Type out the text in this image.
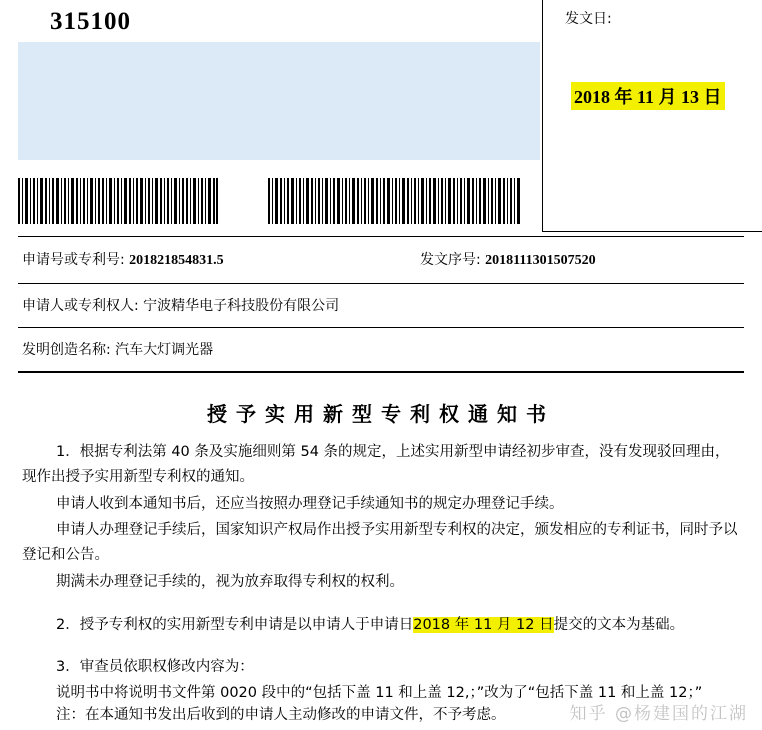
315100	发文日:
2018 年 11 月 13 日
申请号或专利号: 201821854831.5	发文序号: 2018111301507520
申请人或专利权人: 宁波精华电子科技股份有限公司
发明创造名称: 汽车大灯调光器
授予实用新型专利权通知书
1．根据专利法第 40 条及实施细则第 54 条的规定，上述实用新型申请经初步审查，没有发现驳回理由，现作出授予实用新型专利权的通知。
申请人收到本通知书后，还应当按照办理登记手续通知书的规定办理登记手续。
申请人办理登记手续后，国家知识产权局作出授予实用新型专利权的决定，颁发相应的专利证书，同时予以登记和公告。
期满未办理登记手续的，视为放弃取得专利权的权利。
2．授予专利权的实用新型专利申请是以申请人于申请日2018 年 11 月 12 日提交的文本为基础。
3．审查员依职权修改内容为：
说明书中将说明书文件第 0020 段中的“包括下盖 11 和上盖 12,；”改为了“包括下盖 11 和上盖 12；”
注：在本通知书发出后收到的申请人主动修改的申请文件，不予考虑。	知乎 @杨建国的江湖
